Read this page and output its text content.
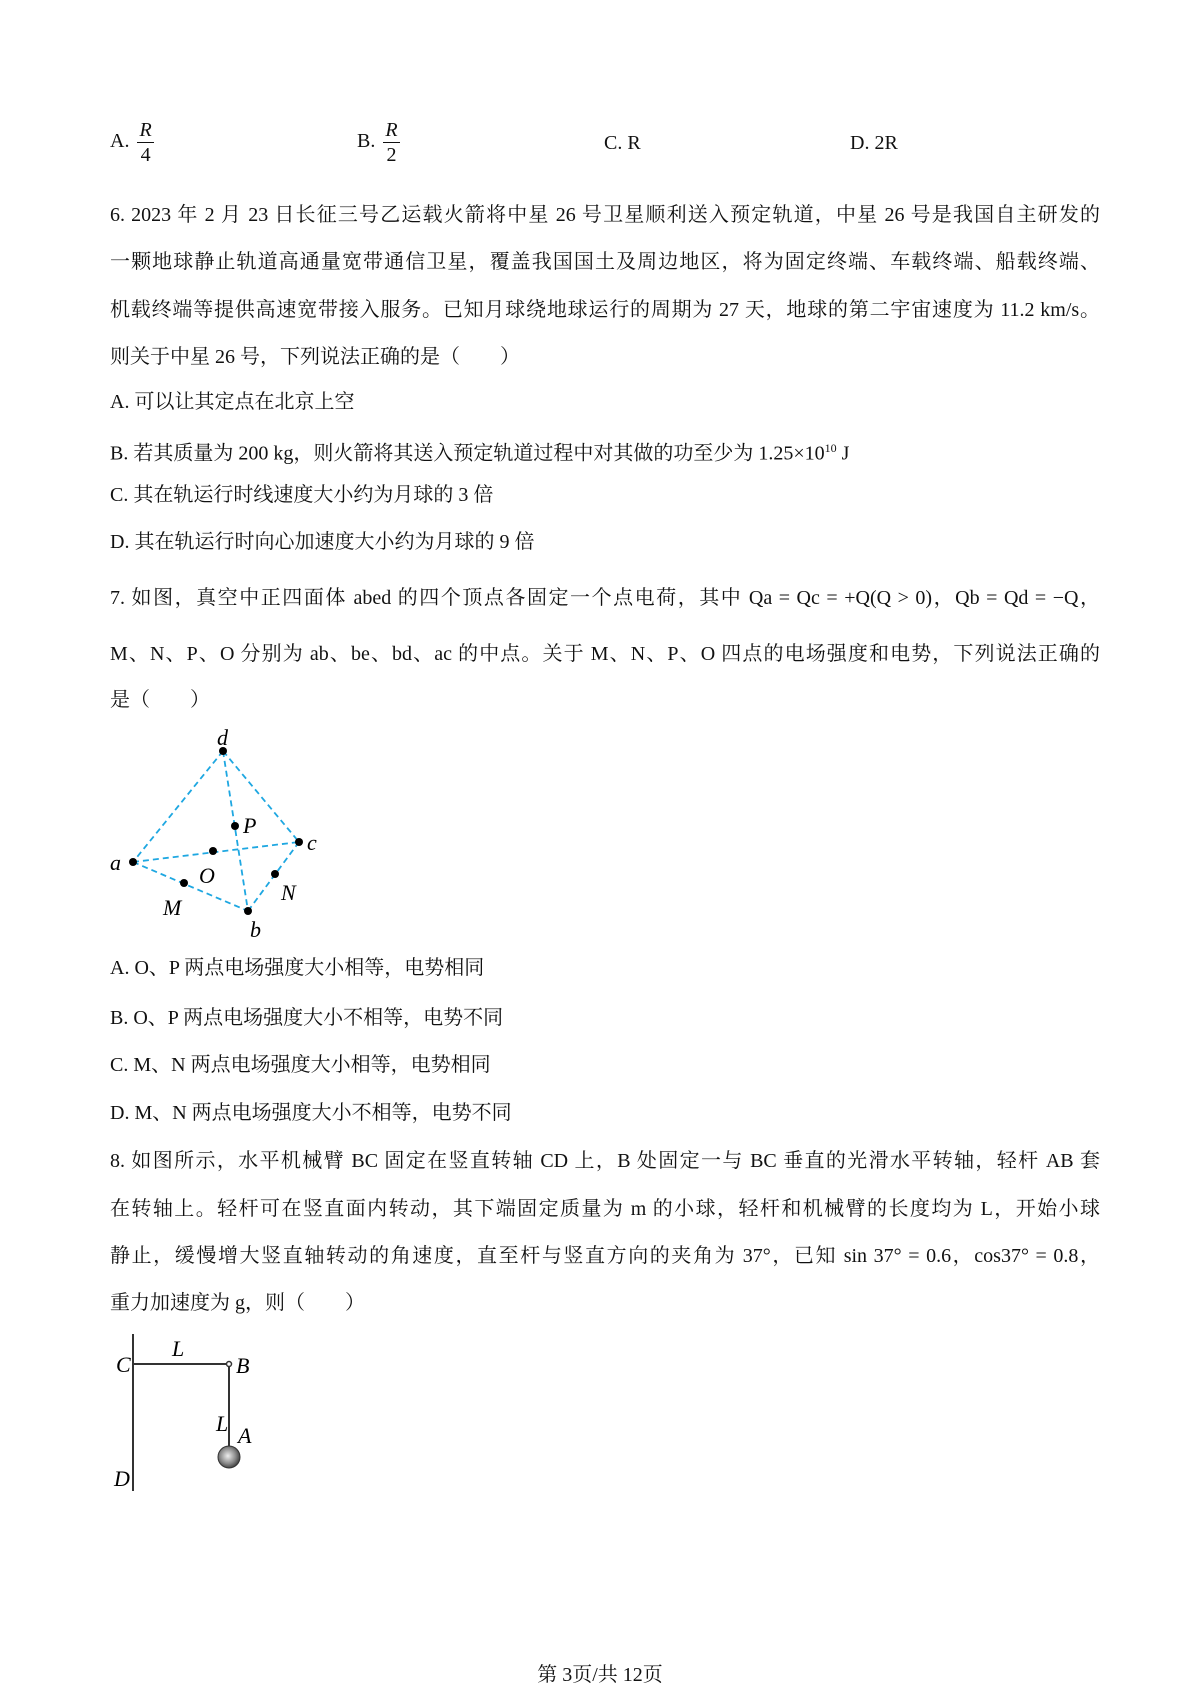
A. $\frac{R}{4}$	B. $\frac{R}{2}$	C. R	D. 2R
6. 2023 年 2 月 23 日长征三号乙运载火箭将中星 26 号卫星顺利送入预定轨道，中星 26 号是我国自主研发的
一颗地球静止轨道高通量宽带通信卫星，覆盖我国国土及周边地区，将为固定终端、车载终端、船载终端、
机载终端等提供高速宽带接入服务。已知月球绕地球运行的周期为 27 天，地球的第二宇宙速度为 11.2 km/s。
则关于中星 26 号，下列说法正确的是（　　）
A. 可以让其定点在北京上空
B. 若其质量为 200 kg，则火箭将其送入预定轨道过程中对其做的功至少为 $1.25\times 10^{10}$ J
C. 其在轨运行时线速度大小约为月球的 3 倍
D. 其在轨运行时向心加速度大小约为月球的 9 倍
7. 如图，真空中正四面体 abed 的四个顶点各固定一个点电荷，其中 Qa = Qc = +Q(Q > 0)，Qb = Qd = −Q，
M、N、P、O 分别为 ab、be、bd、ac 的中点。关于 M、N、P、O 四点的电场强度和电势，下列说法正确的
是（　　）
d
a
c
b
P
O
M
N
A. O、P 两点电场强度大小相等，电势相同
B. O、P 两点电场强度大小不相等，电势不同
C. M、N 两点电场强度大小相等，电势相同
D. M、N 两点电场强度大小不相等，电势不同
8. 如图所示，水平机械臂 BC 固定在竖直转轴 CD 上，B 处固定一与 BC 垂直的光滑水平转轴，轻杆 AB 套
在转轴上。轻杆可在竖直面内转动，其下端固定质量为 m 的小球，轻杆和机械臂的长度均为 L，开始小球
静止，缓慢增大竖直轴转动的角速度，直至杆与竖直方向的夹角为 37°，已知 sin 37° = 0.6，cos37° = 0.8，
重力加速度为 g，则（　　）
C	B
L
L A
D
第 3页/共 12页
